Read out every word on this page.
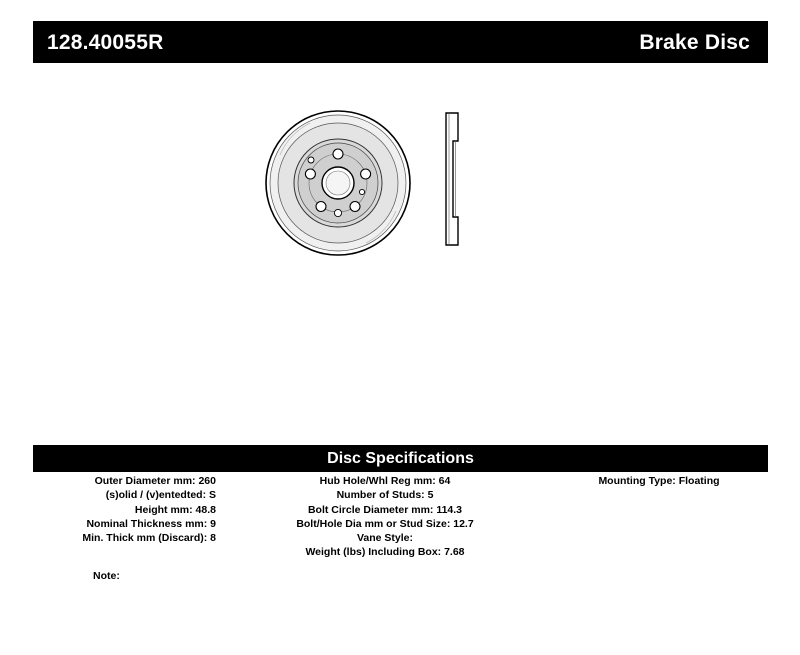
128.40055R	Brake Disc
Disc Specifications
Outer Diameter mm: 260
(s)olid / (v)entedted: S
Height mm: 48.8
Nominal Thickness mm: 9
Min. Thick mm (Discard): 8
Hub Hole/Whl Reg mm: 64
Number of Studs: 5
Bolt Circle Diameter mm: 114.3
Bolt/Hole Dia mm or Stud Size: 12.7
Vane Style:
Weight (lbs) Including Box: 7.68
Mounting Type: Floating
Note:
